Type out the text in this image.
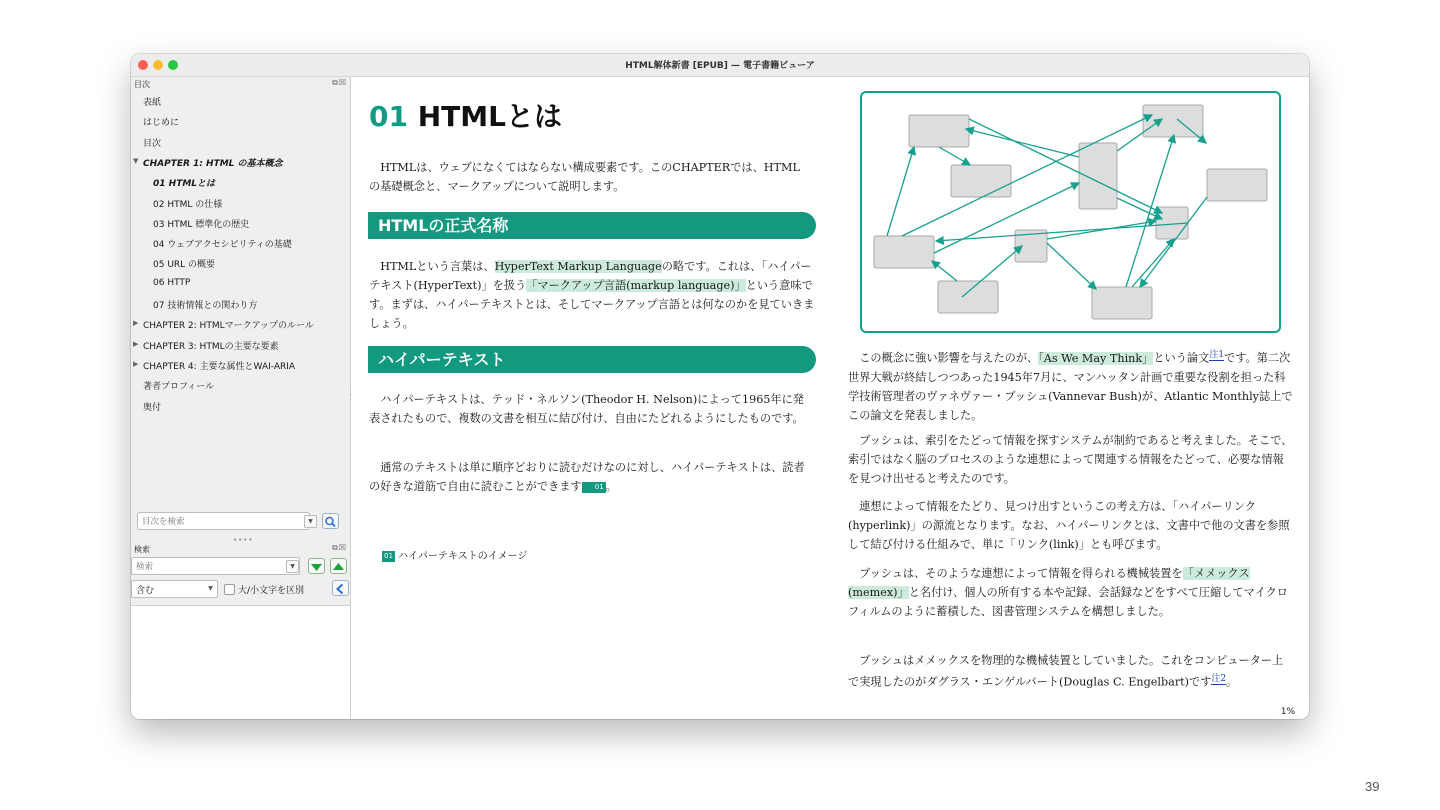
HTML解体新書 [EPUB] — 電子書籍ビューア
目次	⧉☒
表紙
はじめに
目次
CHAPTER 1: HTML の基本概念
▼
01 HTMLとは
02 HTML の仕様
03 HTML 標準化の歴史
04 ウェブアクセシビリティの基礎
05 URL の概要
06 HTTP
07 技術情報との関わり方
CHAPTER 2: HTMLマークアップのルール
▶
CHAPTER 3: HTMLの主要な要素
▶
CHAPTER 4: 主要な属性とWAI-ARIA
▶
著者プロフィール
奥付
目次を検索	▼
••••
検索	⧉☒
検索	▼
含む	▼	大/小文字を区別
01 HTMLとは
HTMLは、ウェブになくてはならない構成要素です。このCHAPTERでは、HTMLの基礎概念と、マークアップについて説明します。
HTMLの正式名称
HTMLという言葉は、HyperText Markup Languageの略です。これは、「ハイパーテキスト(HyperText)」を扱う「マークアップ言語(markup language)」という意味です。まずは、ハイパーテキストとは、そしてマークアップ言語とは何なのかを見ていきましょう。
ハイパーテキスト
ハイパーテキストは、テッド・ネルソン(Theodor H. Nelson)によって1965年に発表されたもので、複数の文書を相互に結び付け、自由にたどれるようにしたものです。
通常のテキストは単に順序どおりに読むだけなのに対し、ハイパーテキストは、読者の好きな道筋で自由に読むことができます 01 。
01 ハイパーテキストのイメージ
この概念に強い影響を与えたのが、「As We May Think」という論文$^{注1}$です。第二次世界大戦が終結しつつあった1945年7月に、マンハッタン計画で重要な役割を担った科学技術管理者のヴァネヴァー・ブッシュ(Vannevar Bush)が、Atlantic Monthly誌上でこの論文を発表しました。
ブッシュは、索引をたどって情報を探すシステムが制約であると考えました。そこで、索引ではなく脳のプロセスのような連想によって関連する情報をたどって、必要な情報を見つけ出せると考えたのです。
連想によって情報をたどり、見つけ出すというこの考え方は、「ハイパーリンク(hyperlink)」の源流となります。なお、ハイパーリンクとは、文書中で他の文書を参照して結び付ける仕組みで、単に「リンク(link)」とも呼びます。
ブッシュは、そのような連想によって情報を得られる機械装置を「メメックス(memex)」と名付け、個人の所有する本や記録、会話録などをすべて圧縮してマイクロフィルムのように蓄積した、図書管理システムを構想しました。
ブッシュはメメックスを物理的な機械装置としていました。これをコンピューター上で実現したのがダグラス・エンゲルバート(Douglas C. Engelbart)です$^{注2}$。
1%
39
